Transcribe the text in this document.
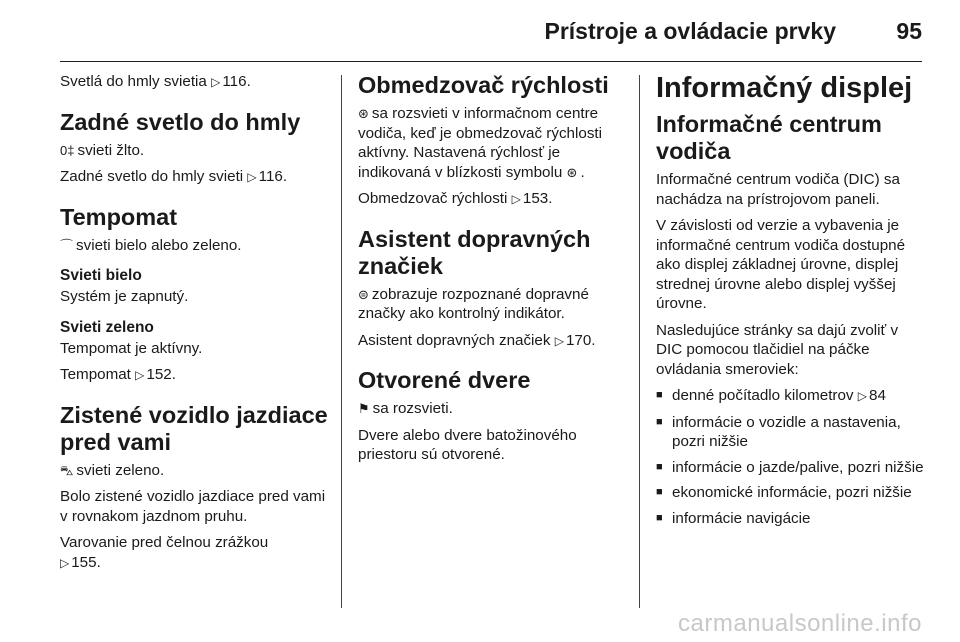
Prístroje a ovládacie prvky	95

Svetlá do hmly svietia ▷ 116.

Zadné svetlo do hmly

0‡ svieti žlto.

Zadné svetlo do hmly svieti ▷ 116.

Tempomat

⌒ svieti bielo alebo zeleno.

Svieti bielo

Systém je zapnutý.

Svieti zeleno

Tempomat je aktívny.

Tempomat ▷ 152.

Zistené vozidlo jazdiace pred vami

⛍ svieti zeleno.

Bolo zistené vozidlo jazdiace pred vami v rovnakom jazdnom pruhu.

Varovanie pred čelnou zrážkou
▷ 155.

Obmedzovač rýchlosti

⊛ sa rozsvieti v informačnom centre vodiča, keď je obmedzovač rýchlosti aktívny. Nastavená rýchlosť je indikovaná v blízkosti symbolu ⊛ .

Obmedzovač rýchlosti ▷ 153.

Asistent dopravných značiek

⊜ zobrazuje rozpoznané dopravné značky ako kontrolný indikátor.

Asistent dopravných značiek ▷ 170.

Otvorené dvere

⚑ sa rozsvieti.

Dvere alebo dvere batožinového priestoru sú otvorené.

Informačný displej
Informačné centrum vodiča

Informačné centrum vodiča (DIC) sa nachádza na prístrojovom paneli.

V závislosti od verzie a vybavenia je informačné centrum vodiča dostupné ako displej základnej úrovne, displej strednej úrovne alebo displej vyššej úrovne.

Nasledujúce stránky sa dajú zvoliť v DIC pomocou tlačidiel na páčke ovládania smeroviek:

■ denné počítadlo kilometrov ▷ 84
■ informácie o vozidle a nastavenia, pozri nižšie
■ informácie o jazde/palive, pozri nižšie
■ ekonomické informácie, pozri nižšie
■ informácie navigácie
carmanualsonline.info
